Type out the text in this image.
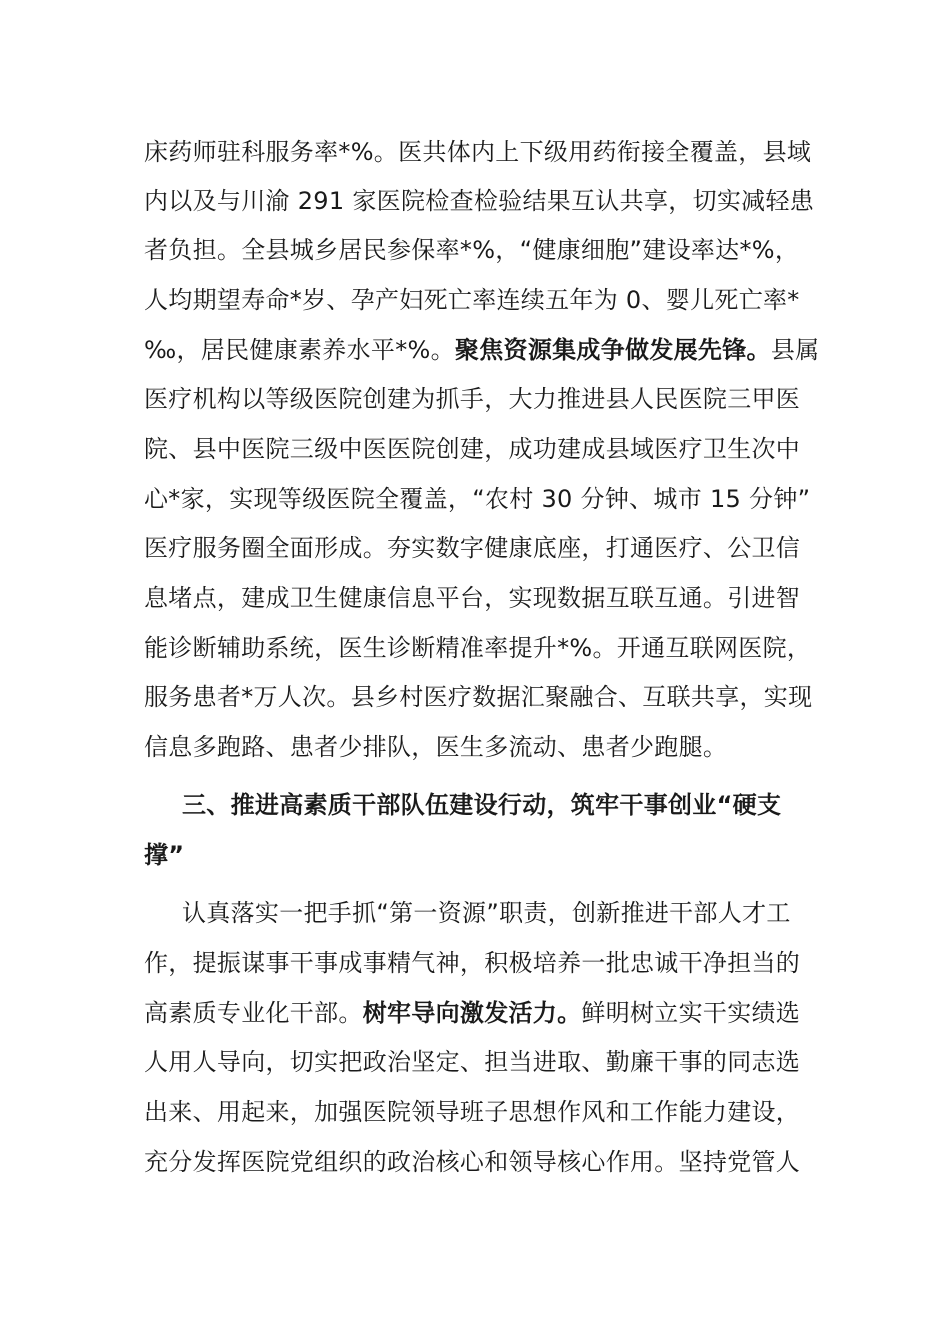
床药师驻科服务率*%。医共体内上下级用药衔接全覆盖，县域
内以及与川渝 291 家医院检查检验结果互认共享，切实减轻患
者负担。全县城乡居民参保率*%，“健康细胞”建设率达*%，
人均期望寿命*岁、孕产妇死亡率连续五年为 0、婴儿死亡率*
‰，居民健康素养水平*%。聚焦资源集成争做发展先锋。县属
医疗机构以等级医院创建为抓手，大力推进县人民医院三甲医
院、县中医院三级中医医院创建，成功建成县域医疗卫生次中
心*家，实现等级医院全覆盖，“农村 30 分钟、城市 15 分钟”
医疗服务圈全面形成。夯实数字健康底座，打通医疗、公卫信
息堵点，建成卫生健康信息平台，实现数据互联互通。引进智
能诊断辅助系统，医生诊断精准率提升*%。开通互联网医院，
服务患者*万人次。县乡村医疗数据汇聚融合、互联共享，实现
信息多跑路、患者少排队，医生多流动、患者少跑腿。
三、推进高素质干部队伍建设行动，筑牢干事创业“硬支
撑”
认真落实一把手抓“第一资源”职责，创新推进干部人才工
作，提振谋事干事成事精气神，积极培养一批忠诚干净担当的
高素质专业化干部。树牢导向激发活力。鲜明树立实干实绩选
人用人导向，切实把政治坚定、担当进取、勤廉干事的同志选
出来、用起来，加强医院领导班子思想作风和工作能力建设，
充分发挥医院党组织的政治核心和领导核心作用。坚持党管人
